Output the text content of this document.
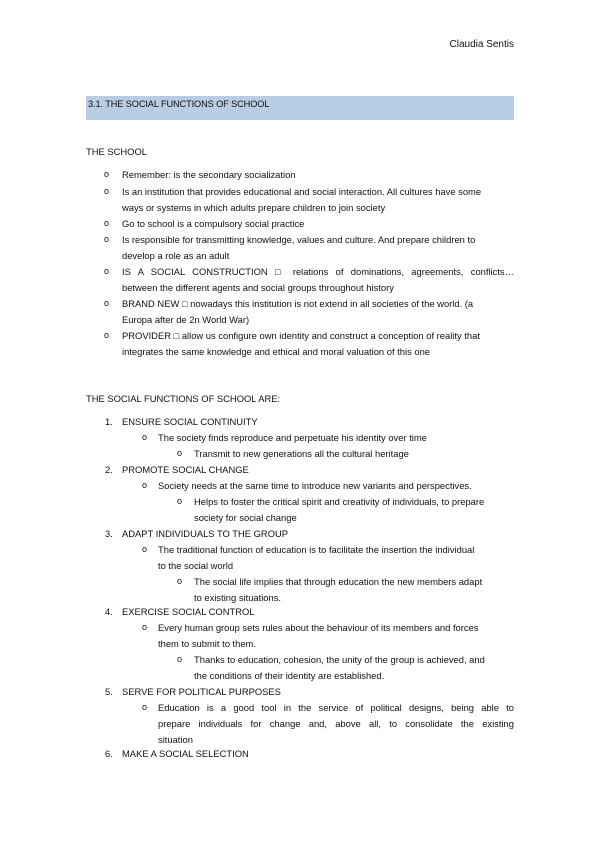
Claudia Sentis
3.1. THE SOCIAL FUNCTIONS OF SCHOOL
THE SCHOOL
o Remember: is the secondary socialization
o Is an institution that provides educational and social interaction. All cultures have some
ways or systems in which adults prepare children to join society
o Go to school is a compulsory social practice
o Is responsible for transmitting knowledge, values and culture. And prepare children to
develop a role as an adult
o IS A SOCIAL CONSTRUCTION □ relations of dominations, agreements, conflicts…
between the different agents and social groups throughout history
o BRAND NEW □ nowadays this institution is not extend in all societies of the world. (a
Europa after de 2n World War)
o PROVIDER □ allow us configure own identity and construct a conception of reality that
integrates the same knowledge and ethical and moral valuation of this one
THE SOCIAL FUNCTIONS OF SCHOOL ARE:
1. ENSURE SOCIAL CONTINUITY
o The society finds reproduce and perpetuate his identity over time
o Transmit to new generations all the cultural heritage
2. PROMOTE SOCIAL CHANGE
o Society needs at the same time to introduce new variants and perspectives.
o Helps to foster the critical spirit and creativity of individuals, to prepare
society for social change
3. ADAPT INDIVIDUALS TO THE GROUP
o The traditional function of education is to facilitate the insertion the individual
to the social world
o The social life implies that through education the new members adapt
to existing situations.
4. EXERCISE SOCIAL CONTROL
o Every human group sets rules about the behaviour of its members and forces
them to submit to them.
o Thanks to education, cohesion, the unity of the group is achieved, and
the conditions of their identity are established.
5. SERVE FOR POLITICAL PURPOSES
o Education is a good tool in the service of political designs, being able to
prepare individuals for change and, above all, to consolidate the existing
situation
6. MAKE A SOCIAL SELECTION
